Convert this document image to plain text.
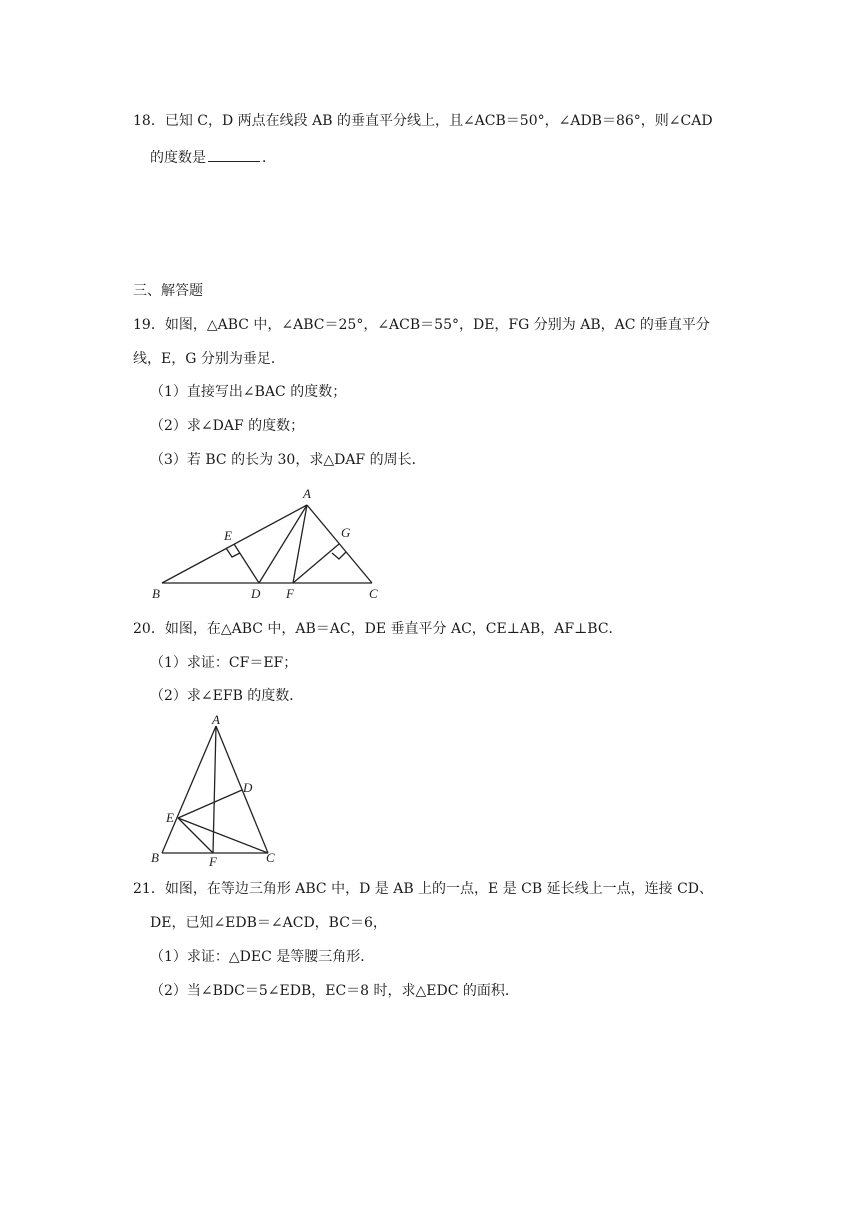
18．已知 C，D 两点在线段 AB 的垂直平分线上，且∠ACB＝50°，∠ADB＝86°，则∠CAD
的度数是	．
三、解答题
19．如图，△ABC 中，∠ABC＝25°，∠ACB＝55°，DE，FG 分别为 AB，AC 的垂直平分
线，E，G 分别为垂足．
（1）直接写出∠BAC 的度数；
（2）求∠DAF 的度数；
（3）若 BC 的长为 30，求△DAF 的周长．
A
B	C
D
E
F
G
20．如图，在△ABC 中，AB＝AC，DE 垂直平分 AC，CE⊥AB，AF⊥BC．
（1）求证：CF＝EF；
（2）求∠EFB 的度数．
A
B	C
D
E
F
21．如图，在等边三角形 ABC 中，D 是 AB 上的一点，E 是 CB 延长线上一点，连接 CD、
DE，已知∠EDB＝∠ACD，BC＝6，
（1）求证：△DEC 是等腰三角形．
（2）当∠BDC＝5∠EDB，EC＝8 时，求△EDC 的面积．
